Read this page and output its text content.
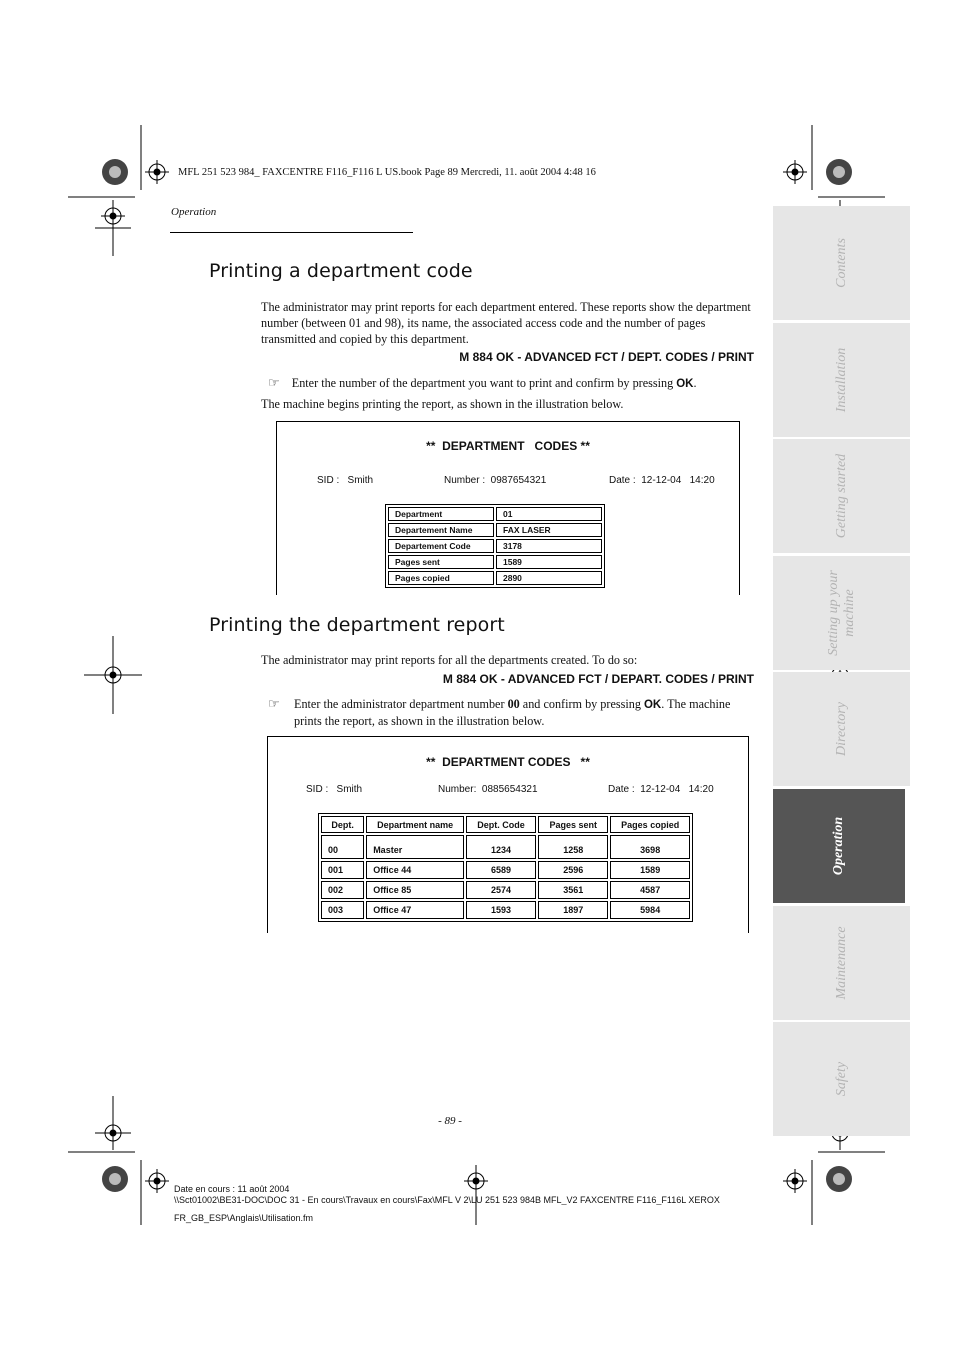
MFL 251 523 984_ FAXCENTRE F116_F116 L US.book Page 89 Mercredi, 11. août 2004 4:48 16
Operation
Printing a department code
The administrator may print reports for each department entered. These reports show the department number (between 01 and 98), its name, the associated access code and the number of pages transmitted and copied by this department.
M 884 OK - ADVANCED FCT / DEPT. CODES / PRINT
☞ Enter the number of the department you want to print and confirm by pressing OK.
The machine begins printing the report, as shown in the illustration below.
**  DEPARTMENT   CODES **
SID :   Smith	Number :  0987654321	Date :  12-12-04   14:20
Department	01
Departement Name	FAX LASER
Departement Code	3178
Pages sent	1589
Pages copied	2890
Printing the department report
The administrator may print reports for all the departments created. To do so:
M 884 OK - ADVANCED FCT / DEPART. CODES / PRINT
☞ Enter the administrator department number 00 and confirm by pressing OK. The machine prints the report, as shown in the illustration below.
**  DEPARTMENT CODES   **
SID :   Smith	Number:  0885654321	Date :  12-12-04   14:20
Dept.	Department name	Dept. Code	Pages sent	Pages copied
00	Master	1234	1258	3698
001	Office 44	6589	2596	1589
002	Office 85	2574	3561	4587
003	Office 47	1593	1897	5984
- 89 -
Contents
Installation
Getting started
Setting up your machine
Directory
Operation
Maintenance
Safety
Date en cours : 11 août 2004
\\Sct01002\BE31-DOC\DOC 31 - En cours\Travaux en cours\Fax\MFL V 2\LU 251 523 984B MFL_V2 FAXCENTRE F116_F116L XEROX
FR_GB_ESP\Anglais\Utilisation.fm
